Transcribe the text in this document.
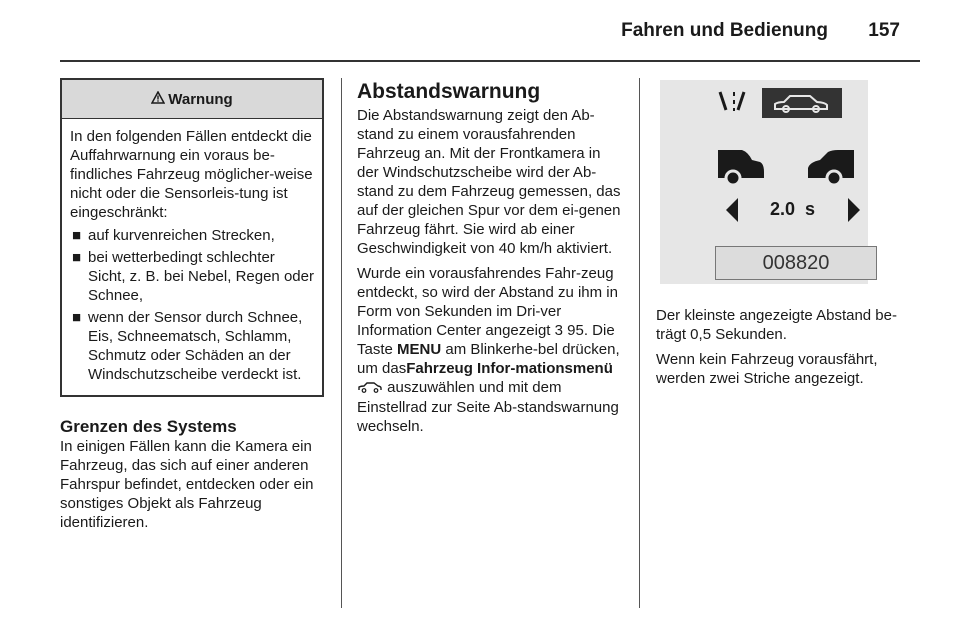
Fahren und Bedienung 157
Warnung

In den folgenden Fällen entdeckt die Auffahrwarnung ein voraus be-findliches Fahrzeug möglicher-weise nicht oder die Sensorleis-tung ist eingeschränkt:

■ auf kurvenreichen Strecken,
■ bei wetterbedingt schlechter Sicht, z. B. bei Nebel, Regen oder Schnee,
■ wenn der Sensor durch Schnee, Eis, Schneematsch, Schlamm, Schmutz oder Schäden an der Windschutzscheibe verdeckt ist.
Grenzen des Systems

In einigen Fällen kann die Kamera ein Fahrzeug, das sich auf einer anderen Fahrspur befindet, entdecken oder ein sonstiges Objekt als Fahrzeug identifizieren.

Abstandswarnung

Die Abstandswarnung zeigt den Ab-stand zu einem vorausfahrenden Fahrzeug an. Mit der Frontkamera in der Windschutzscheibe wird der Ab-stand zu dem Fahrzeug gemessen, das auf der gleichen Spur vor dem ei-genen Fahrzeug fährt. Sie wird ab einer Geschwindigkeit von 40 km/h aktiviert.

Wurde ein vorausfahrendes Fahr-zeug entdeckt, so wird der Abstand zu ihm in Form von Sekunden im Dri-ver Information Center angezeigt 3 95. Die Taste MENU am Blinkerhe-bel drücken, um dasFahrzeug Infor-mationsmenü  auszuwählen und mit dem Einstellrad zur Seite Ab-standswarnung wechseln.

2.0  s
008820

Der kleinste angezeigte Abstand be-trägt 0,5 Sekunden.

Wenn kein Fahrzeug vorausfährt, werden zwei Striche angezeigt.
